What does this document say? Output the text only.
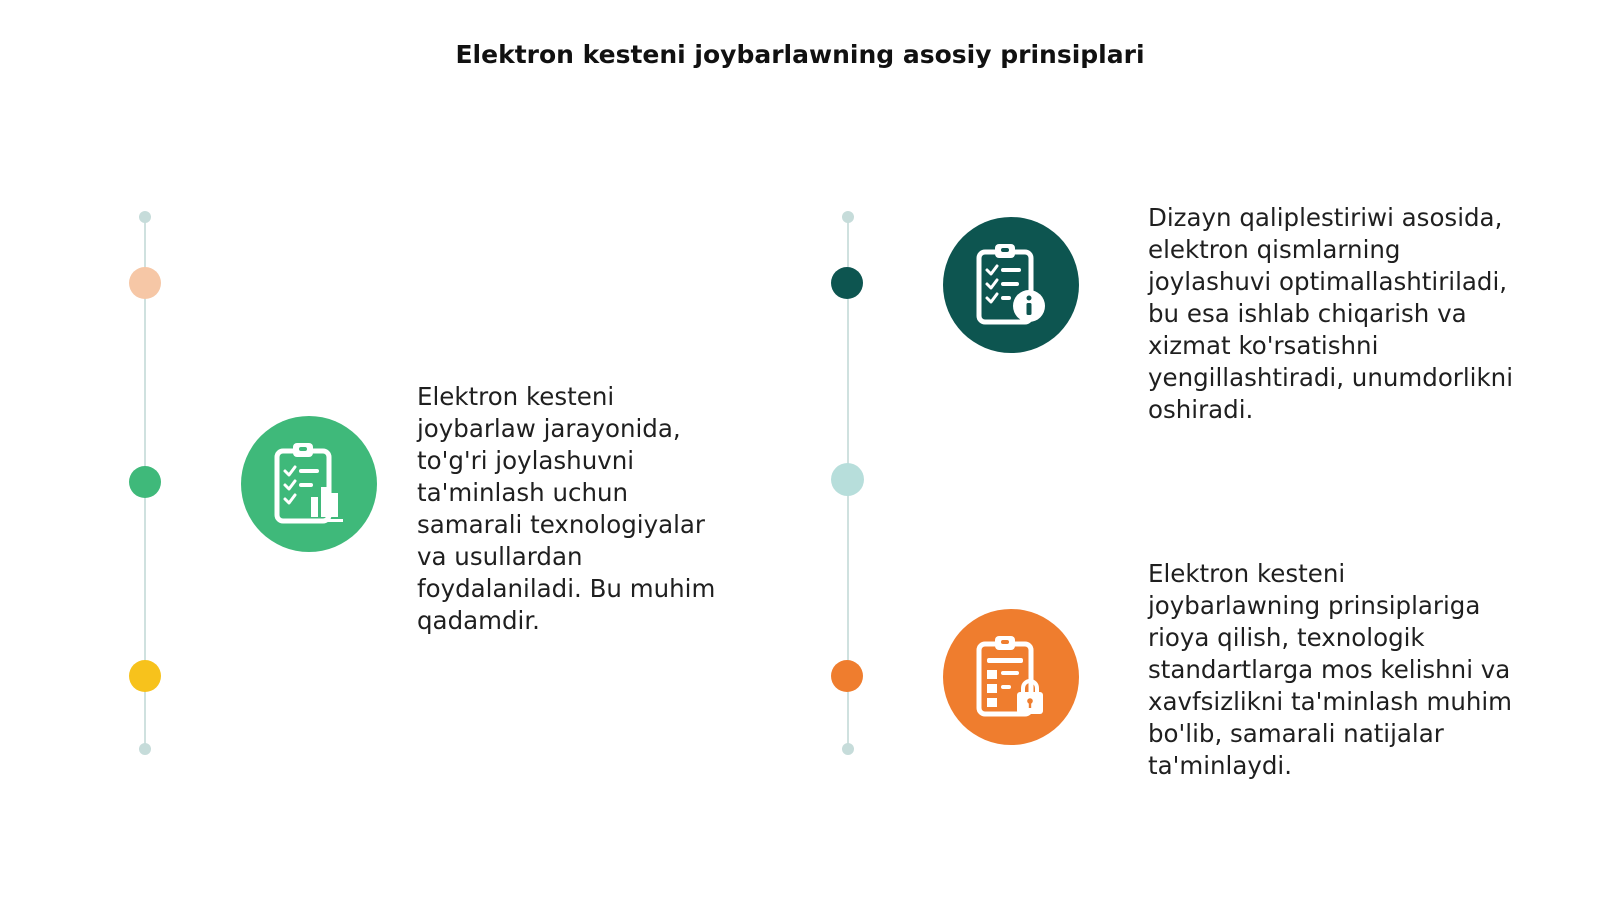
Elektron kesteni joybarlawning asosiy prinsiplari
Elektron kesteni joybarlaw jarayonida, to'g'ri joylashuvni ta'minlash uchun samarali texnologiyalar va usullardan foydalaniladi. Bu muhim qadamdir.
Dizayn qaliplestiriwi asosida, elektron qismlarning joylashuvi optimallashtiriladi, bu esa ishlab chiqarish va xizmat ko'rsatishni yengillashtiradi, unumdorlikni oshiradi.
Elektron kesteni joybarlawning prinsiplariga rioya qilish, texnologik standartlarga mos kelishni va xavfsizlikni ta'minlash muhim bo'lib, samarali natijalar ta'minlaydi.
